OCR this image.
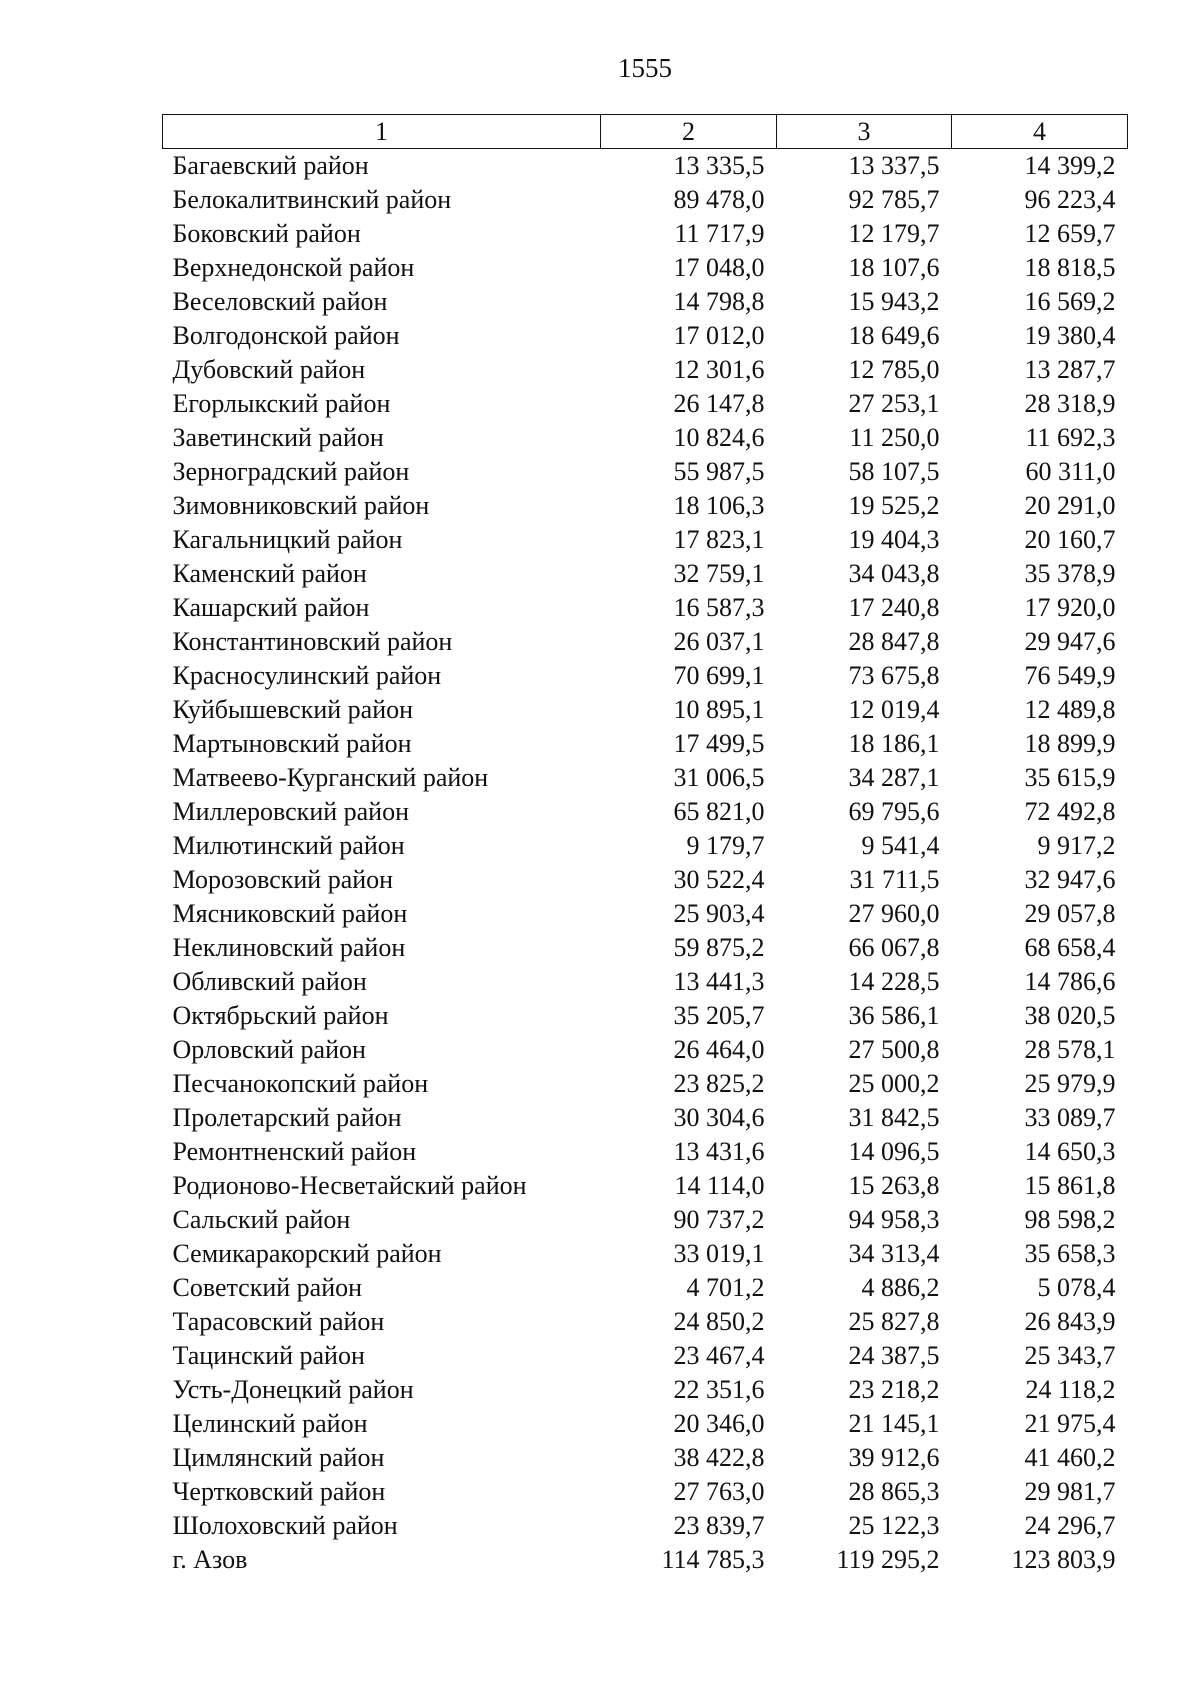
1555
1	2	3	4
Багаевский район	13 335,5	13 337,5	14 399,2
Белокалитвинский район	89 478,0	92 785,7	96 223,4
Боковский район	11 717,9	12 179,7	12 659,7
Верхнедонской район	17 048,0	18 107,6	18 818,5
Веселовский район	14 798,8	15 943,2	16 569,2
Волгодонской район	17 012,0	18 649,6	19 380,4
Дубовский район	12 301,6	12 785,0	13 287,7
Егорлыкский район	26 147,8	27 253,1	28 318,9
Заветинский район	10 824,6	11 250,0	11 692,3
Зерноградский район	55 987,5	58 107,5	60 311,0
Зимовниковский район	18 106,3	19 525,2	20 291,0
Кагальницкий район	17 823,1	19 404,3	20 160,7
Каменский район	32 759,1	34 043,8	35 378,9
Кашарский район	16 587,3	17 240,8	17 920,0
Константиновский район	26 037,1	28 847,8	29 947,6
Красносулинский район	70 699,1	73 675,8	76 549,9
Куйбышевский район	10 895,1	12 019,4	12 489,8
Мартыновский район	17 499,5	18 186,1	18 899,9
Матвеево-Курганский район	31 006,5	34 287,1	35 615,9
Миллеровский район	65 821,0	69 795,6	72 492,8
Милютинский район	9 179,7	9 541,4	9 917,2
Морозовский район	30 522,4	31 711,5	32 947,6
Мясниковский район	25 903,4	27 960,0	29 057,8
Неклиновский район	59 875,2	66 067,8	68 658,4
Обливский район	13 441,3	14 228,5	14 786,6
Октябрьский район	35 205,7	36 586,1	38 020,5
Орловский район	26 464,0	27 500,8	28 578,1
Песчанокопский район	23 825,2	25 000,2	25 979,9
Пролетарский район	30 304,6	31 842,5	33 089,7
Ремонтненский район	13 431,6	14 096,5	14 650,3
Родионово-Несветайский район	14 114,0	15 263,8	15 861,8
Сальский район	90 737,2	94 958,3	98 598,2
Семикаракорский район	33 019,1	34 313,4	35 658,3
Советский район	4 701,2	4 886,2	5 078,4
Тарасовский район	24 850,2	25 827,8	26 843,9
Тацинский район	23 467,4	24 387,5	25 343,7
Усть-Донецкий район	22 351,6	23 218,2	24 118,2
Целинский район	20 346,0	21 145,1	21 975,4
Цимлянский район	38 422,8	39 912,6	41 460,2
Чертковский район	27 763,0	28 865,3	29 981,7
Шолоховский район	23 839,7	25 122,3	24 296,7
г. Азов	114 785,3	119 295,2	123 803,9
